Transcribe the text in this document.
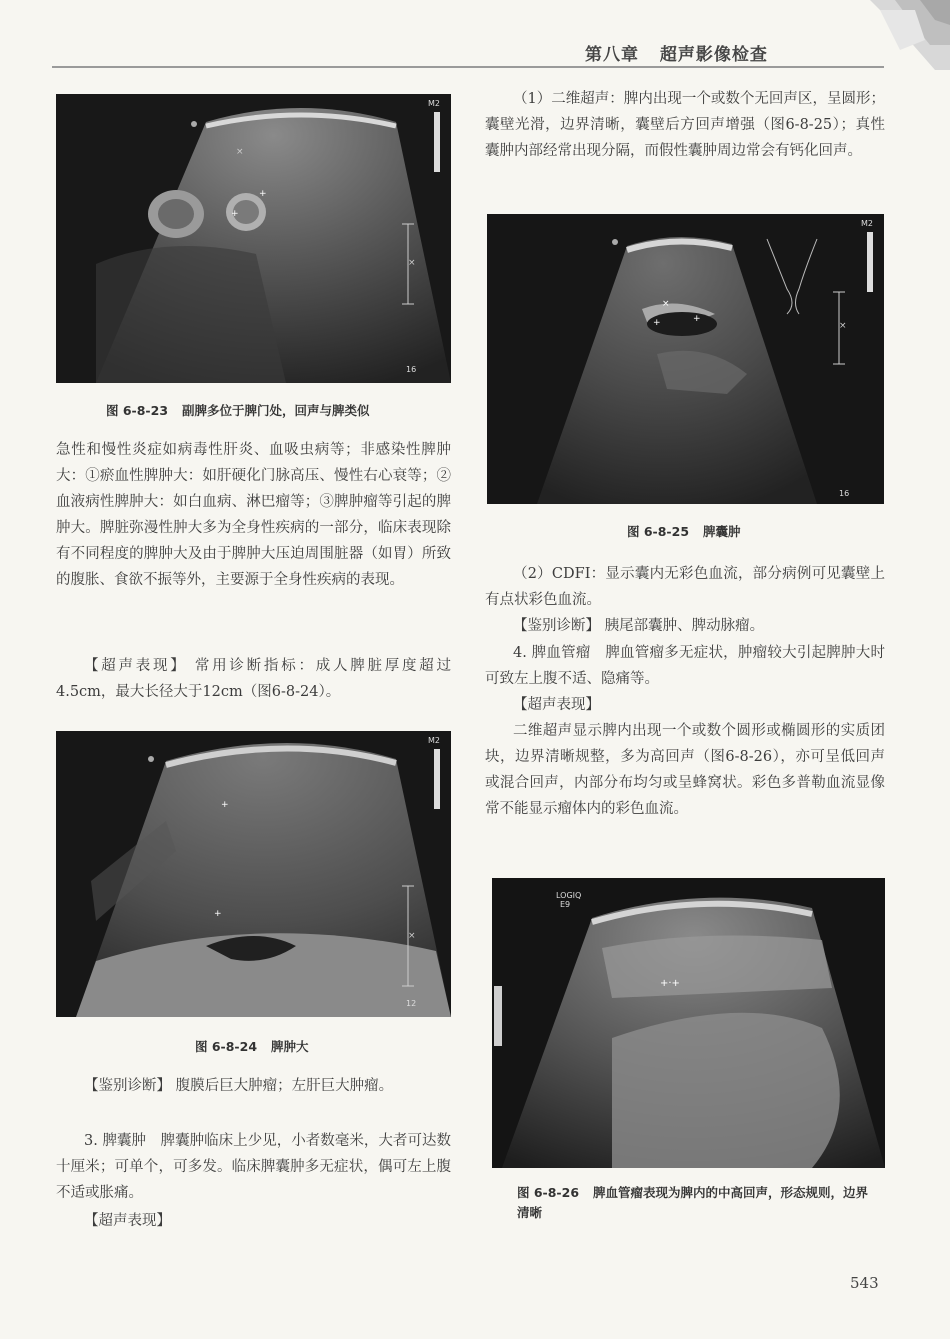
第八章 超声影像检查
+
+
×
×
M2
16
图 6-8-23 副脾多位于脾门处，回声与脾类似

急性和慢性炎症如病毒性肝炎、血吸虫病等；非感染性脾肿大：①瘀血性脾肿大：如肝硬化门脉高压、慢性右心衰等；②血液病性脾肿大：如白血病、淋巴瘤等；③脾肿瘤等引起的脾肿大。脾脏弥漫性肿大多为全身性疾病的一部分，临床表现除有不同程度的脾肿大及由于脾肿大压迫周围脏器（如胃）所致的腹胀、食欲不振等外，主要源于全身性疾病的表现。

【超声表现】 常用诊断指标：成人脾脏厚度超过4.5cm，最大长径大于12cm（图6-8-24）。

+
+
×
M2
12
图 6-8-24 脾肿大

【鉴别诊断】 腹膜后巨大肿瘤；左肝巨大肿瘤。

3. 脾囊肿　脾囊肿临床上少见，小者数毫米，大者可达数十厘米；可单个，可多发。临床脾囊肿多无症状，偶可左上腹不适或胀痛。

【超声表现】

（1）二维超声：脾内出现一个或数个无回声区，呈圆形；囊壁光滑，边界清晰，囊壁后方回声增强（图6-8-25）；真性囊肿内部经常出现分隔，而假性囊肿周边常会有钙化回声。

×
+	+
×
M2
16
图 6-8-25 脾囊肿

（2）CDFI：显示囊内无彩色血流，部分病例可见囊壁上有点状彩色血流。

【鉴别诊断】 胰尾部囊肿、脾动脉瘤。

4. 脾血管瘤　脾血管瘤多无症状，肿瘤较大引起脾肿大时可致左上腹不适、隐痛等。

【超声表现】

二维超声显示脾内出现一个或数个圆形或椭圆形的实质团块，边界清晰规整，多为高回声（图6-8-26），亦可呈低回声或混合回声，内部分布均匀或呈蜂窝状。彩色多普勒血流显像常不能显示瘤体内的彩色血流。

+·+
LOGIQ
E9
图 6-8-26 脾血管瘤表现为脾内的中高回声，形态规则，边界清晰
543
